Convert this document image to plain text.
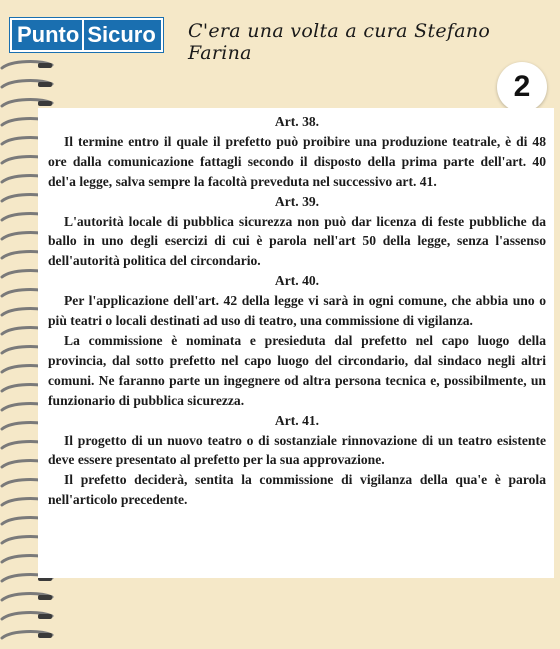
Punto Sicuro C'era una volta a cura Stefano Farina
2

Art. 38.

Il termine entro il quale il prefetto può proibire una produzione teatrale, è di 48 ore dalla comunicazione fattagli secondo il disposto della prima parte dell'art. 40 del'a legge, salva sempre la facoltà preveduta nel successivo art. 41.

Art. 39.

L'autorità locale di pubblica sicurezza non può dar licenza di feste pubbliche da ballo in uno degli esercizi di cui è parola nell'art 50 della legge, senza l'assenso dell'autorità politica del circondario.

Art. 40.

Per l'applicazione dell'art. 42 della legge vi sarà in ogni comune, che abbia uno o più teatri o locali destinati ad uso di teatro, una commissione di vigilanza.

La commissione è nominata e presieduta dal prefetto nel capo luogo della provincia, dal sotto prefetto nel capo luogo del circondario, dal sindaco negli altri comuni. Ne faranno parte un ingegnere od altra persona tecnica e, possibilmente, un funzionario di pubblica sicurezza.

Art. 41.

Il progetto di un nuovo teatro o di sostanziale rinnovazione di un teatro esistente deve essere presentato al prefetto per la sua approvazione.

Il prefetto deciderà, sentita la commissione di vigilanza della qua'e è parola nell'articolo precedente.
